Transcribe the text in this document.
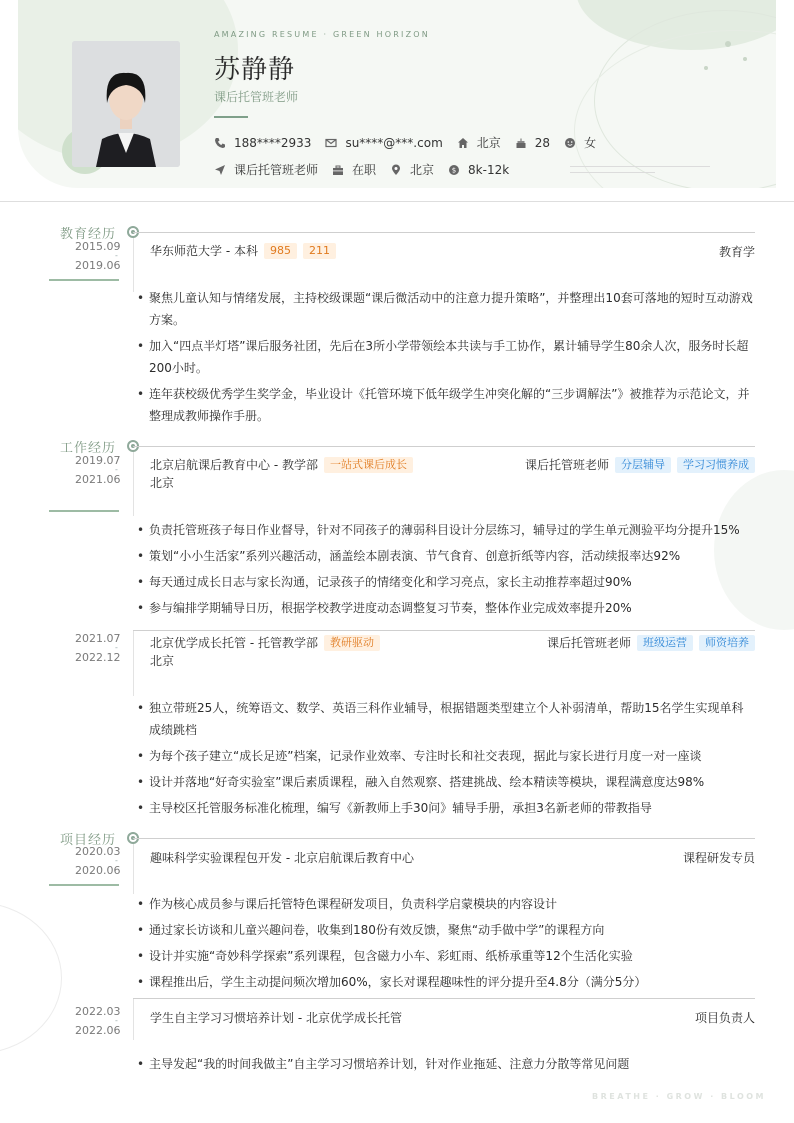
AMAZING RESUME · GREEN HORIZON
苏静静
课后托管班老师
188****2933	su****@***.com	北京	28	女
课后托管班老师	在职	北京	$ 8k-12k
教育经历
2015.09
-
2019.06
华东师范大学 - 本科	985	211	教育学
• 聚焦儿童认知与情绪发展，主持校级课题“课后微活动中的注意力提升策略”，并整理出10套可落地的短时互动游戏方案。
• 加入“四点半灯塔”课后服务社团，先后在3所小学带领绘本共读与手工协作，累计辅导学生80余人次，服务时长超200小时。
• 连年获校级优秀学生奖学金，毕业设计《托管环境下低年级学生冲突化解的“三步调解法”》被推荐为示范论文，并整理成教师操作手册。
工作经历
2019.07
-
2021.06
北京启航课后教育中心 - 教学部	一站式课后成长	课后托管班老师	分层辅导	学习习惯养成
北京
• 负责托管班孩子每日作业督导，针对不同孩子的薄弱科目设计分层练习，辅导过的学生单元测验平均分提升15%
• 策划“小小生活家”系列兴趣活动，涵盖绘本剧表演、节气食育、创意折纸等内容，活动续报率达92%
• 每天通过成长日志与家长沟通，记录孩子的情绪变化和学习亮点，家长主动推荐率超过90%
• 参与编排学期辅导日历，根据学校教学进度动态调整复习节奏，整体作业完成效率提升20%
2021.07
-
2022.12
北京优学成长托管 - 托管教学部	教研驱动	课后托管班老师	班级运营	师资培养
北京
• 独立带班25人，统筹语文、数学、英语三科作业辅导，根据错题类型建立个人补弱清单，帮助15名学生实现单科成绩跳档
• 为每个孩子建立“成长足迹”档案，记录作业效率、专注时长和社交表现，据此与家长进行月度一对一座谈
• 设计并落地“好奇实验室”课后素质课程，融入自然观察、搭建挑战、绘本精读等模块，课程满意度达98%
• 主导校区托管服务标准化梳理，编写《新教师上手30问》辅导手册，承担3名新老师的带教指导
项目经历
2020.03
-
2020.06
趣味科学实验课程包开发 - 北京启航课后教育中心	课程研发专员
• 作为核心成员参与课后托管特色课程研发项目，负责科学启蒙模块的内容设计
• 通过家长访谈和儿童兴趣问卷，收集到180份有效反馈，聚焦“动手做中学”的课程方向
• 设计并实施“奇妙科学探索”系列课程，包含磁力小车、彩虹雨、纸桥承重等12个生活化实验
• 课程推出后，学生主动提问频次增加60%，家长对课程趣味性的评分提升至4.8分（满分5分）
2022.03
-
2022.06
学生自主学习习惯培养计划 - 北京优学成长托管	项目负责人
• 主导发起“我的时间我做主”自主学习习惯培养计划，针对作业拖延、注意力分散等常见问题
BREATHE · GROW · BLOOM
